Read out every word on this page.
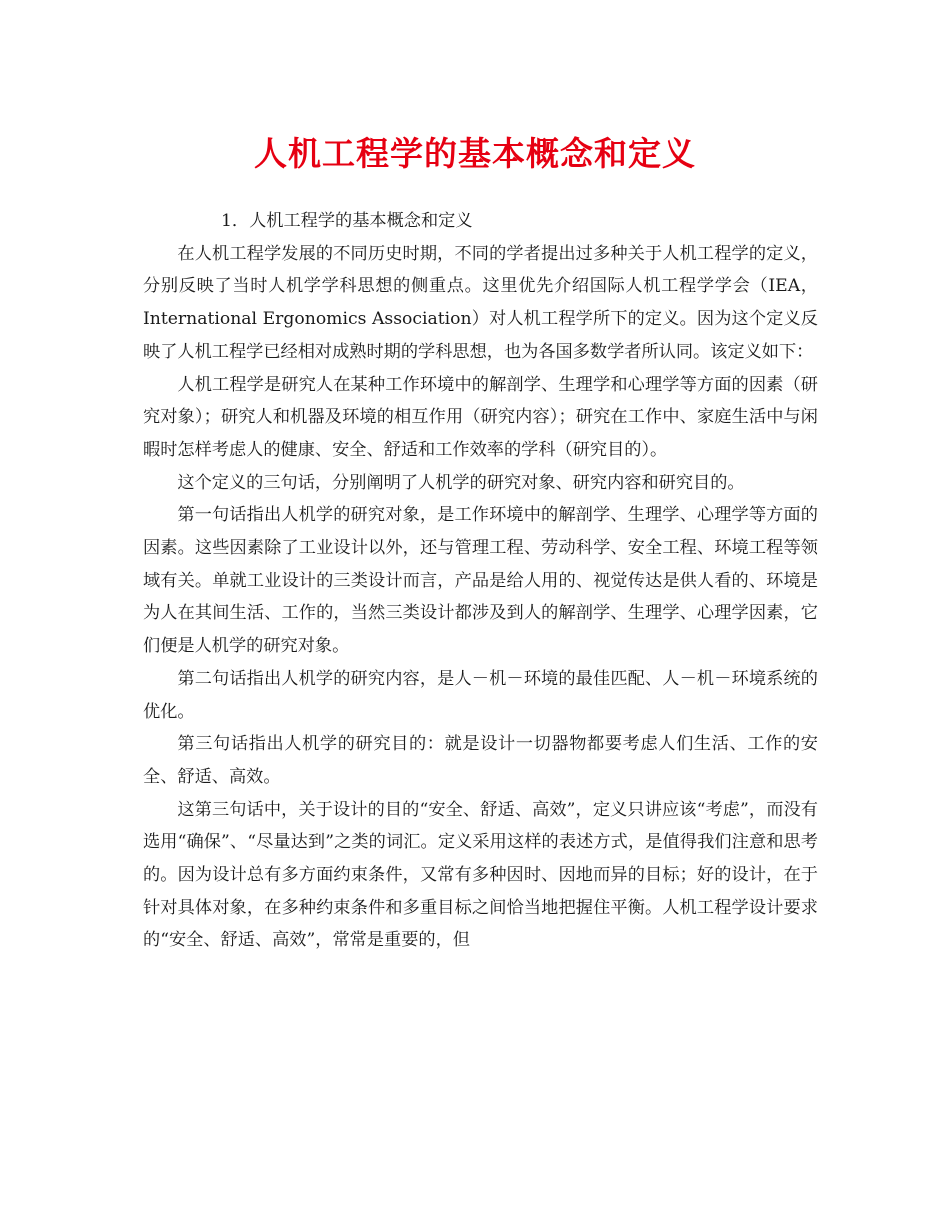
人机工程学的基本概念和定义

1．人机工程学的基本概念和定义

在人机工程学发展的不同历史时期，不同的学者提出过多种关于人机工程学的定义，分别反映了当时人机学学科思想的侧重点。这里优先介绍国际人机工程学学会（IEA，International Ergonomics Association）对人机工程学所下的定义。因为这个定义反映了人机工程学已经相对成熟时期的学科思想，也为各国多数学者所认同。该定义如下：

人机工程学是研究人在某种工作环境中的解剖学、生理学和心理学等方面的因素（研究对象）；研究人和机器及环境的相互作用（研究内容）；研究在工作中、家庭生活中与闲暇时怎样考虑人的健康、安全、舒适和工作效率的学科（研究目的）。

这个定义的三句话，分别阐明了人机学的研究对象、研究内容和研究目的。

第一句话指出人机学的研究对象，是工作环境中的解剖学、生理学、心理学等方面的因素。这些因素除了工业设计以外，还与管理工程、劳动科学、安全工程、环境工程等领域有关。单就工业设计的三类设计而言，产品是给人用的、视觉传达是供人看的、环境是为人在其间生活、工作的，当然三类设计都涉及到人的解剖学、生理学、心理学因素，它们便是人机学的研究对象。

第二句话指出人机学的研究内容，是人－机－环境的最佳匹配、人－机－环境系统的优化。

第三句话指出人机学的研究目的：就是设计一切器物都要考虑人们生活、工作的安全、舒适、高效。

这第三句话中，关于设计的目的“安全、舒适、高效”，定义只讲应该“考虑”，而没有选用“确保”、“尽量达到”之类的词汇。定义采用这样的表述方式，是值得我们注意和思考的。因为设计总有多方面约束条件，又常有多种因时、因地而异的目标；好的设计，在于针对具体对象，在多种约束条件和多重目标之间恰当地把握住平衡。人机工程学设计要求的“安全、舒适、高效”，常常是重要的，但
